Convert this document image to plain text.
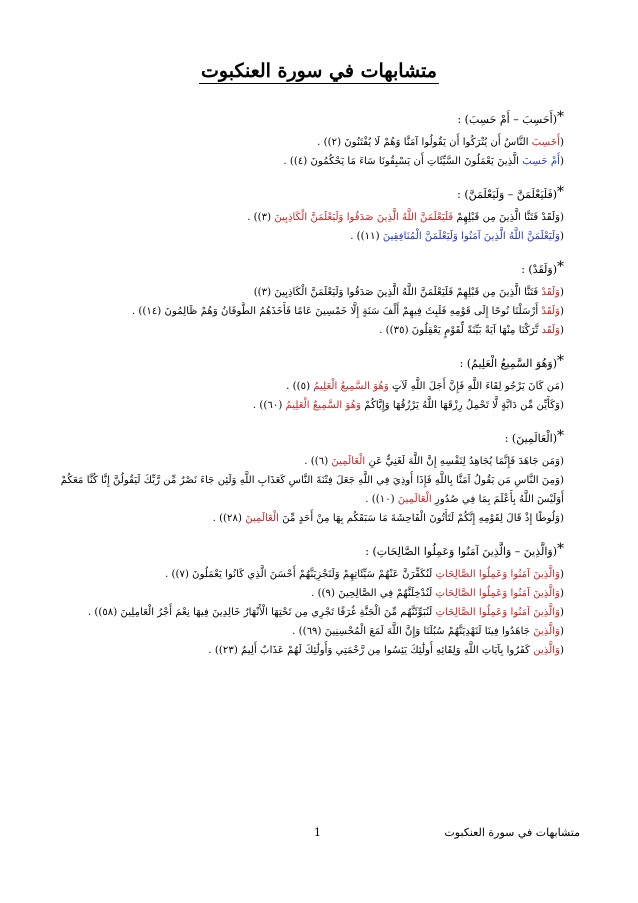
متشابهات في سورة العنكبوت
*(أَحَسِبَ – أَمْ حَسِبَ) :
(أَحَسِبَ النَّاسُ أَن يُتْرَكُوا أَن يَقُولُوا آمَنَّا وَهُمْ لَا يُفْتَنُونَ (٢)) .
(أَمْ حَسِبَ الَّذِينَ يَعْمَلُونَ السَّيِّئَاتِ أَن يَسْبِقُونَا سَاءَ مَا يَحْكُمُونَ (٤)) .
*(فَلَيَعْلَمَنَّ – وَلَيَعْلَمَنَّ) :
(وَلَقَدْ فَتَنَّا الَّذِينَ مِن قَبْلِهِمْ فَلَيَعْلَمَنَّ اللَّهُ الَّذِينَ صَدَقُوا وَلَيَعْلَمَنَّ الْكَاذِبِينَ (٣)) .
(وَلَيَعْلَمَنَّ اللَّهُ الَّذِينَ آمَنُوا وَلَيَعْلَمَنَّ الْمُنَافِقِينَ (١١)) .
*(وَلَقَدْ) :
(وَلَقَدْ فَتَنَّا الَّذِينَ مِن قَبْلِهِمْ فَلَيَعْلَمَنَّ اللَّهُ الَّذِينَ صَدَقُوا وَلَيَعْلَمَنَّ الْكَاذِبِينَ (٣))
(وَلَقَدْ أَرْسَلْنَا نُوحًا إِلَى قَوْمِهِ فَلَبِثَ فِيهِمْ أَلْفَ سَنَةٍ إِلَّا خَمْسِينَ عَامًا فَأَخَذَهُمُ الطُّوفَانُ وَهُمْ ظَالِمُونَ (١٤)) .
(وَلَقَد تَّرَكْنَا مِنْهَا آيَةً بَيِّنَةً لِّقَوْمٍ يَعْقِلُونَ (٣٥)) .
*(وَهُوَ السَّمِيعُ الْعَلِيمُ) :
(مَن كَانَ يَرْجُو لِقَاءَ اللَّهِ فَإِنَّ أَجَلَ اللَّهِ لَآتٍ وَهُوَ السَّمِيعُ الْعَلِيمُ (٥)) .
(وَكَأَيِّن مِّن دَابَّةٍ لَّا تَحْمِلُ رِزْقَهَا اللَّهُ يَرْزُقُهَا وَإِيَّاكُمْ وَهُوَ السَّمِيعُ الْعَلِيمُ (٦٠)) .
*(الْعَالَمِينَ) :
(وَمَن جَاهَدَ فَإِنَّمَا يُجَاهِدُ لِنَفْسِهِ إِنَّ اللَّهَ لَغَنِيٌّ عَنِ الْعَالَمِينَ (٦)) .
(وَمِنَ النَّاسِ مَن يَقُولُ آمَنَّا بِاللَّهِ فَإِذَا أُوذِيَ فِي اللَّهِ جَعَلَ فِتْنَةَ النَّاسِ كَعَذَابِ اللَّهِ وَلَئِن جَاءَ نَصْرٌ مِّن رَّبِّكَ لَيَقُولُنَّ إِنَّا كُنَّا مَعَكُمْ
أَوَلَيْسَ اللَّهُ بِأَعْلَمَ بِمَا فِي صُدُورِ الْعَالَمِينَ (١٠)) .
(وَلُوطًا إِذْ قَالَ لِقَوْمِهِ إِنَّكُمْ لَتَأْتُونَ الْفَاحِشَةَ مَا سَبَقَكُم بِهَا مِنْ أَحَدٍ مِّنَ الْعَالَمِينَ (٢٨)) .
*(وَالَّذِينَ – وَالَّذِينَ آمَنُوا وَعَمِلُوا الصَّالِحَاتِ) :
(وَالَّذِينَ آمَنُوا وَعَمِلُوا الصَّالِحَاتِ لَنُكَفِّرَنَّ عَنْهُمْ سَيِّئَاتِهِمْ وَلَنَجْزِيَنَّهُمْ أَحْسَنَ الَّذِي كَانُوا يَعْمَلُونَ (٧)) .
(وَالَّذِينَ آمَنُوا وَعَمِلُوا الصَّالِحَاتِ لَنُدْخِلَنَّهُمْ فِي الصَّالِحِينَ (٩)) .
(وَالَّذِينَ آمَنُوا وَعَمِلُوا الصَّالِحَاتِ لَنُبَوِّئَنَّهُم مِّنَ الْجَنَّةِ غُرَفًا تَجْرِي مِن تَحْتِهَا الْأَنْهَارُ خَالِدِينَ فِيهَا نِعْمَ أَجْرُ الْعَامِلِينَ (٥٨)) .
(وَالَّذِينَ جَاهَدُوا فِينَا لَنَهْدِيَنَّهُمْ سُبُلَنَا وَإِنَّ اللَّهَ لَمَعَ الْمُحْسِنِينَ (٦٩)) .
(وَالَّذِين كَفَرُوا بِآيَاتِ اللَّهِ وَلِقَائِهِ أُولَٰئِكَ يَئِسُوا مِن رَّحْمَتِي وَأُولَٰئِكَ لَهُمْ عَذَابٌ أَلِيمٌ (٢٣)) .
متشابهات في سورة العنكبوت
1
